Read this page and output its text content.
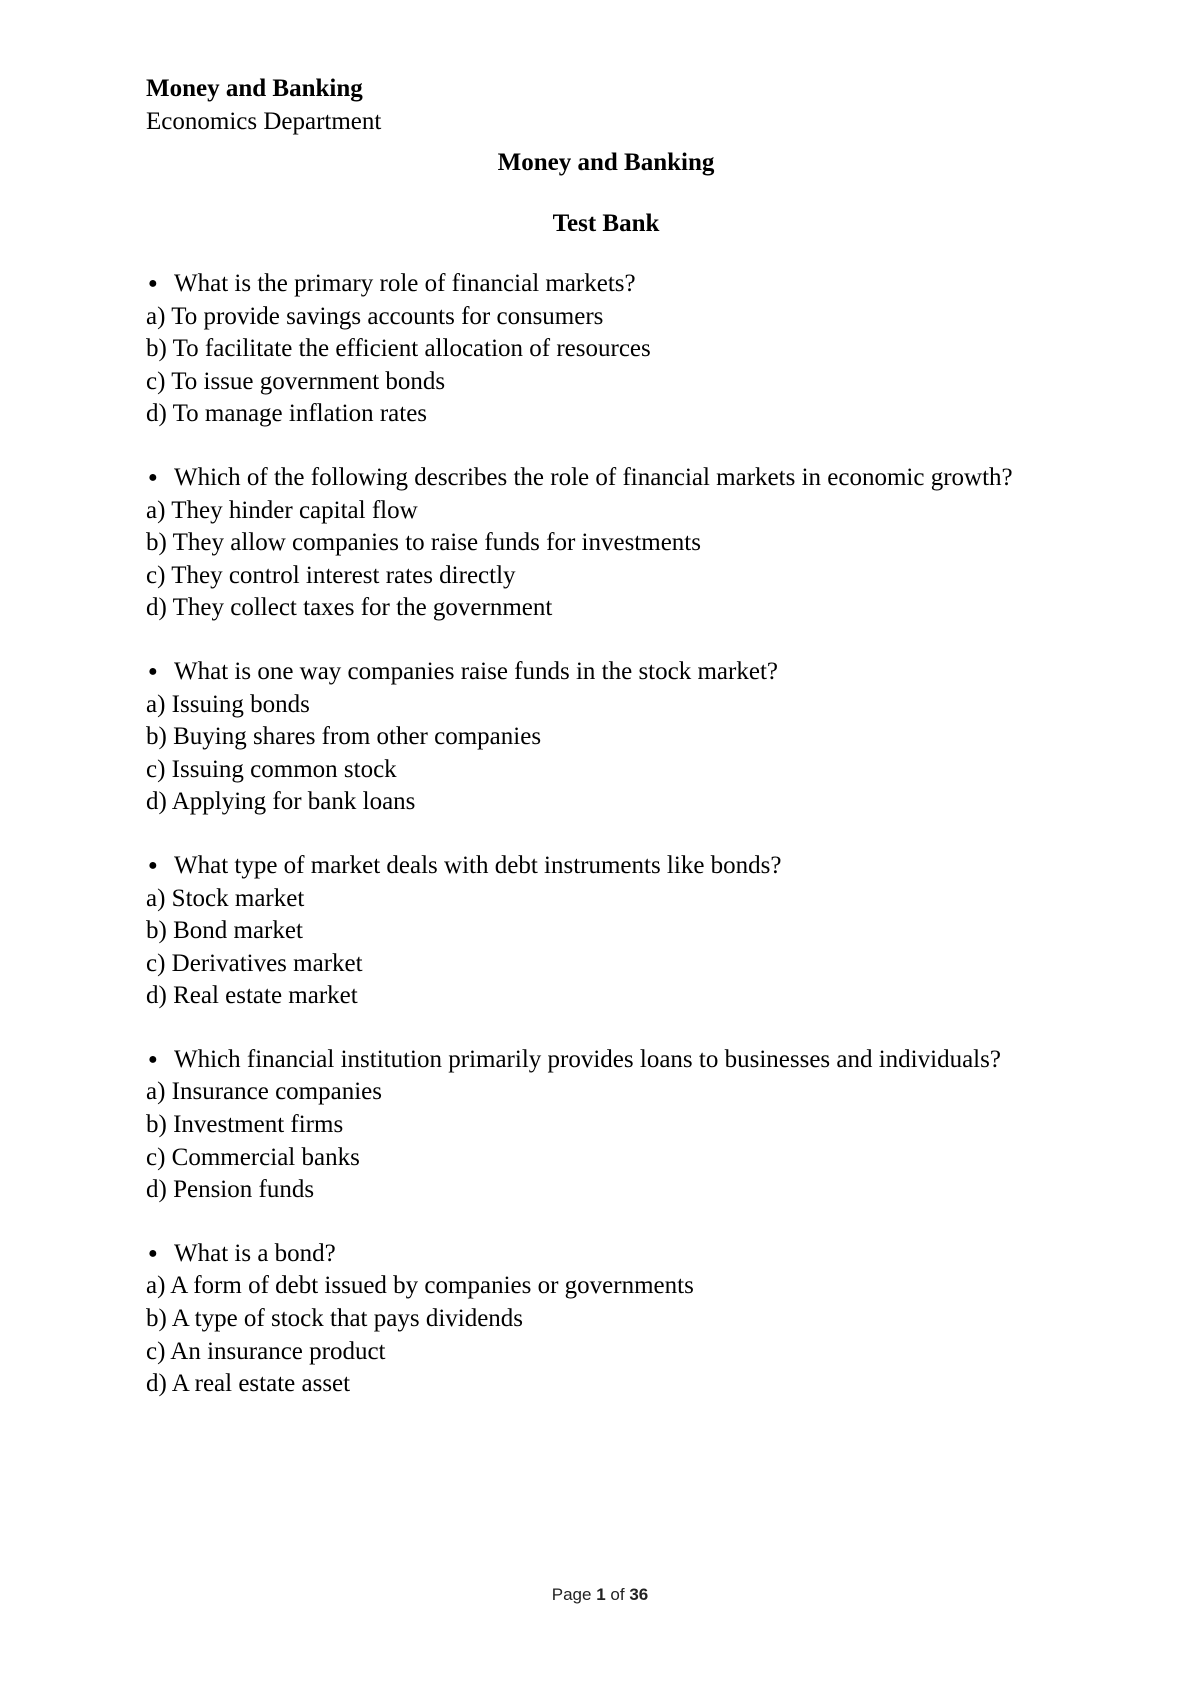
Money and Banking
Economics Department
Money and Banking
Test Bank
● What is the primary role of financial markets?
a) To provide savings accounts for consumers
b) To facilitate the efficient allocation of resources
c) To issue government bonds
d) To manage inflation rates
● Which of the following describes the role of financial markets in economic growth?
a) They hinder capital flow
b) They allow companies to raise funds for investments
c) They control interest rates directly
d) They collect taxes for the government
● What is one way companies raise funds in the stock market?
a) Issuing bonds
b) Buying shares from other companies
c) Issuing common stock
d) Applying for bank loans
● What type of market deals with debt instruments like bonds?
a) Stock market
b) Bond market
c) Derivatives market
d) Real estate market
● Which financial institution primarily provides loans to businesses and individuals?
a) Insurance companies
b) Investment firms
c) Commercial banks
d) Pension funds
● What is a bond?
a) A form of debt issued by companies or governments
b) A type of stock that pays dividends
c) An insurance product
d) A real estate asset
Page 1 of 36
